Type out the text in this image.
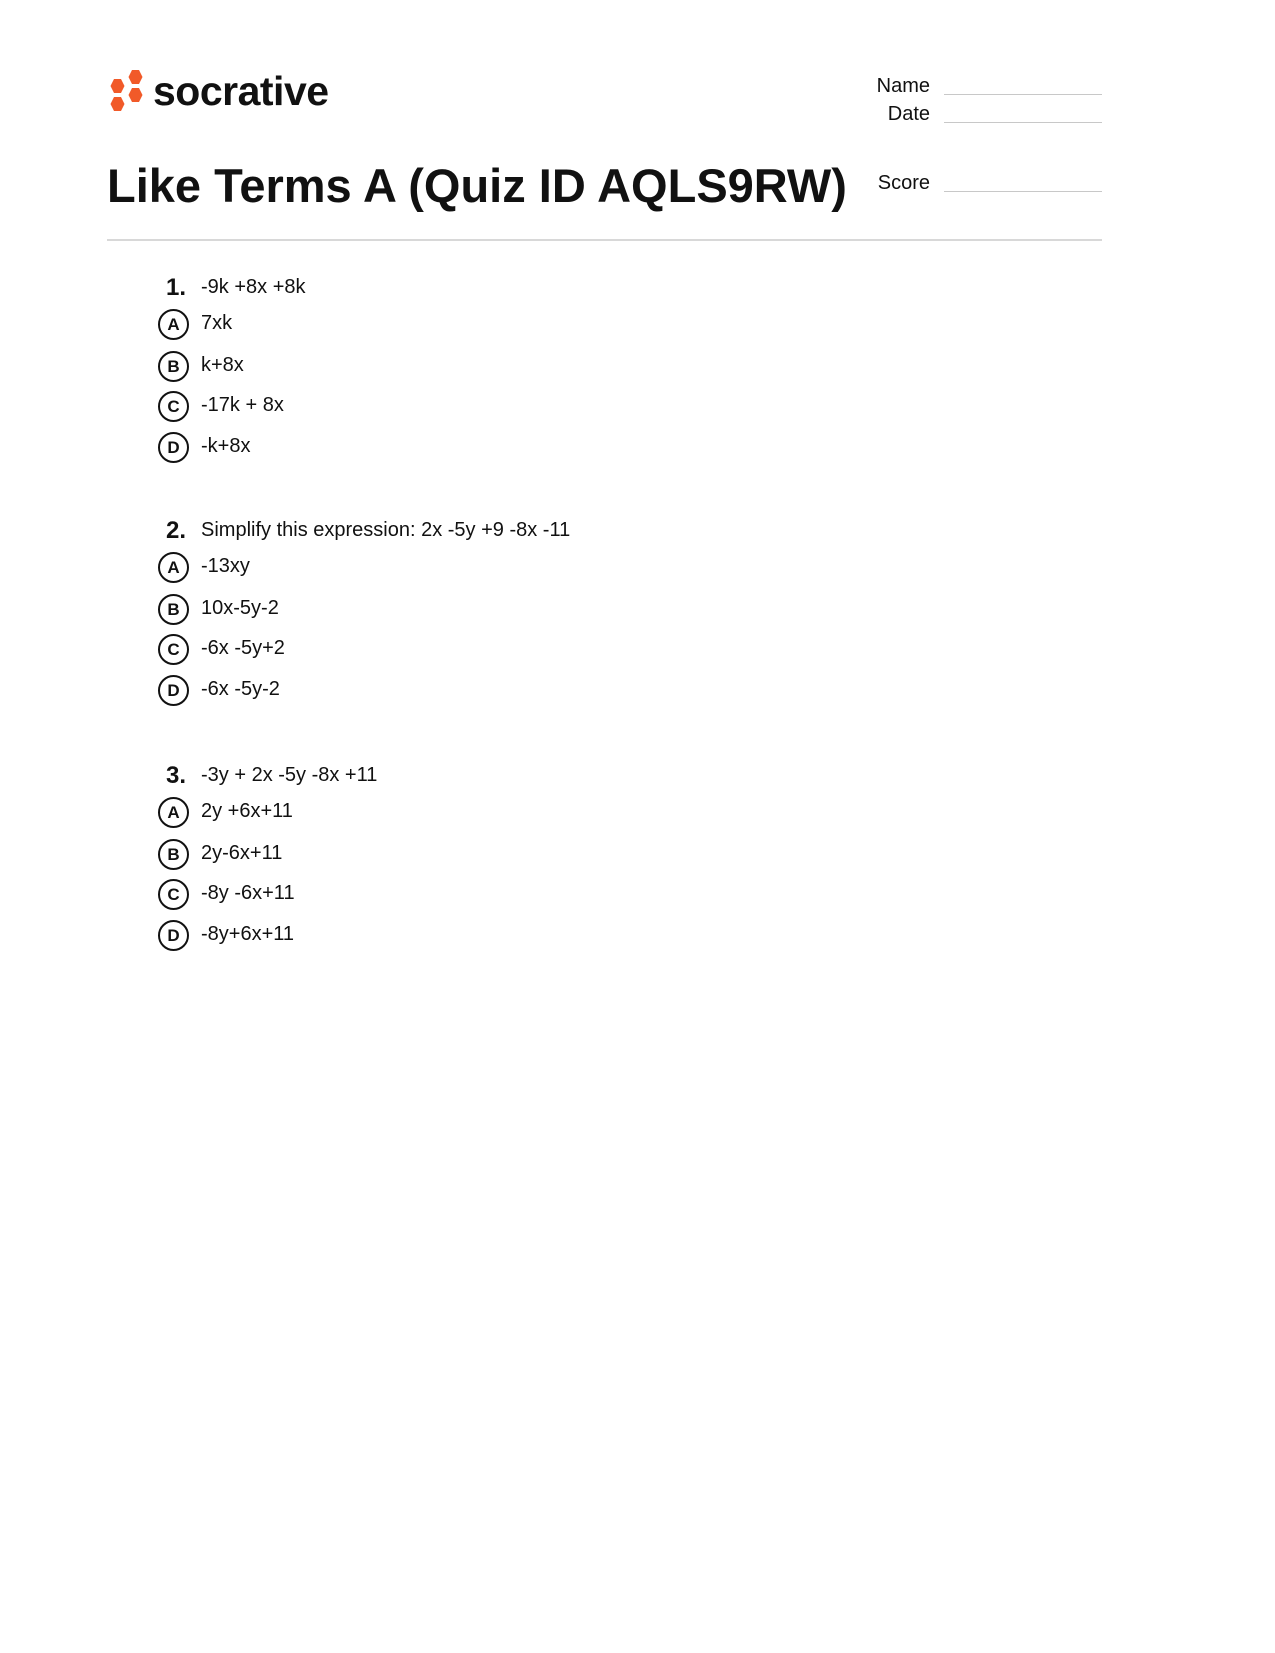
socrative	Name
Date
Score
Like Terms A (Quiz ID AQLS9RW)
1. -9k +8x +8k
A	7xk
B	k+8x
C	-17k + 8x
D	-k+8x
2. Simplify this expression: 2x -5y +9 -8x -11
A	-13xy
B	10x-5y-2
C	-6x -5y+2
D	-6x -5y-2
3. -3y + 2x -5y -8x +11
A	2y +6x+11
B	2y-6x+11
C	-8y -6x+11
D	-8y+6x+11
